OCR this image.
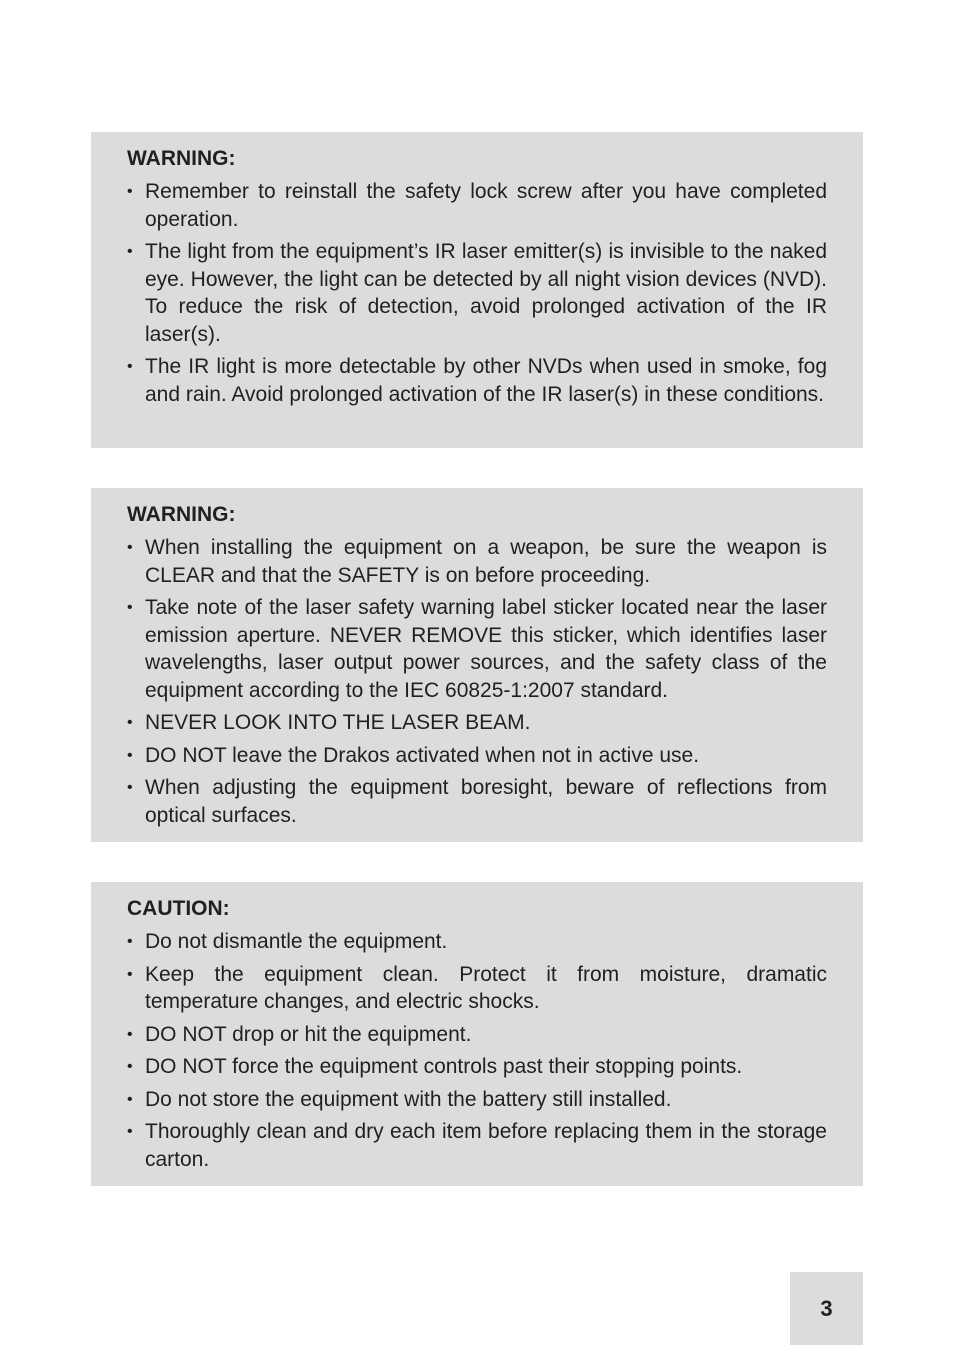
WARNING:
• Remember to reinstall the safety lock screw after you have completed operation.
• The light from the equipment’s IR laser emitter(s) is invisible to the naked eye. However, the light can be detected by all night vision devices (NVD). To reduce the risk of detection, avoid prolonged activation of the IR laser(s).
• The IR light is more detectable by other NVDs when used in smoke, fog and rain. Avoid prolonged activation of the IR laser(s) in these conditions.
WARNING:
• When installing the equipment on a weapon, be sure the weapon is CLEAR and that the SAFETY is on before proceeding.
• Take note of the laser safety warning label sticker located near the laser emission aperture. NEVER REMOVE this sticker, which identifies laser wavelengths, laser output power sources, and the safety class of the equipment according to the IEC 60825-1:2007 standard.
• NEVER LOOK INTO THE LASER BEAM.
• DO NOT leave the Drakos activated when not in active use.
• When adjusting the equipment boresight, beware of reflections from optical surfaces.
CAUTION:
• Do not dismantle the equipment.
• Keep the equipment clean. Protect it from moisture, dramatic temperature changes, and electric shocks.
• DO NOT drop or hit the equipment.
• DO NOT force the equipment controls past their stopping points.
• Do not store the equipment with the battery still installed.
• Thoroughly clean and dry each item before replacing them in the storage carton.
3
